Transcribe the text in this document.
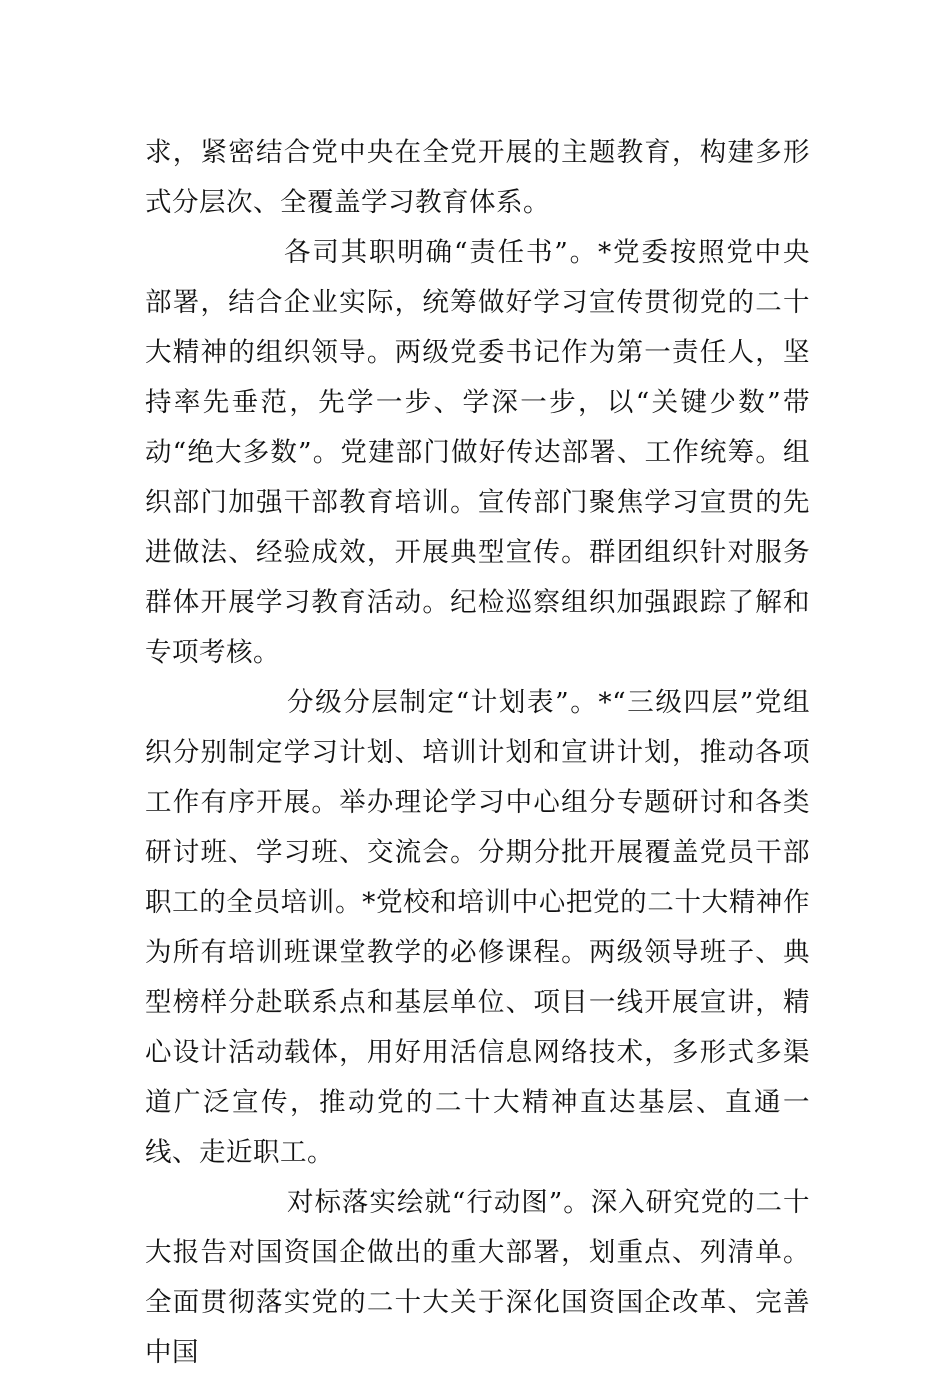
求，紧密结合党中央在全党开展的主题教育，构建多形式分层次、全覆盖学习教育体系。

各司其职明确“责任书”。*党委按照党中央部署，结合企业实际，统筹做好学习宣传贯彻党的二十大精神的组织领导。两级党委书记作为第一责任人，坚持率先垂范，先学一步、学深一步，以“关键少数”带动“绝大多数”。党建部门做好传达部署、工作统筹。组织部门加强干部教育培训。宣传部门聚焦学习宣贯的先进做法、经验成效，开展典型宣传。群团组织针对服务群体开展学习教育活动。纪检巡察组织加强跟踪了解和专项考核。

分级分层制定“计划表”。*“三级四层”党组织分别制定学习计划、培训计划和宣讲计划，推动各项工作有序开展。举办理论学习中心组分专题研讨和各类研讨班、学习班、交流会。分期分批开展覆盖党员干部职工的全员培训。*党校和培训中心把党的二十大精神作为所有培训班课堂教学的必修课程。两级领导班子、典型榜样分赴联系点和基层单位、项目一线开展宣讲，精心设计活动载体，用好用活信息网络技术，多形式多渠道广泛宣传，推动党的二十大精神直达基层、直通一线、走近职工。

对标落实绘就“行动图”。深入研究党的二十大报告对国资国企做出的重大部署，划重点、列清单。全面贯彻落实党的二十大关于深化国资国企改革、完善中国
